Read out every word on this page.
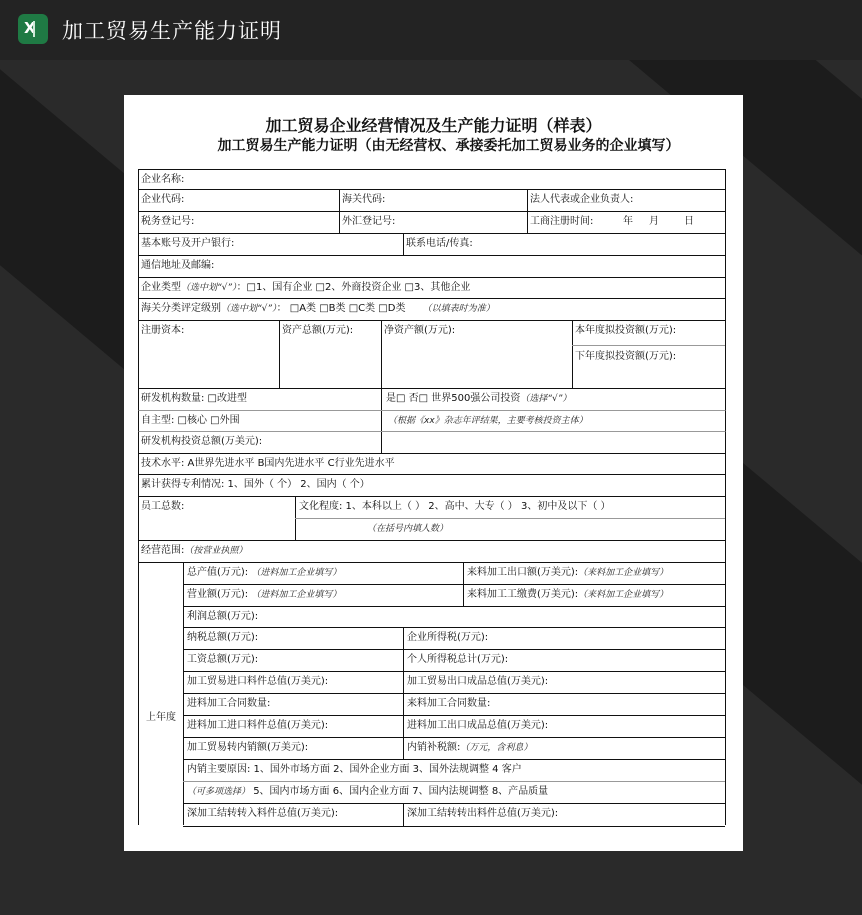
X 加工贸易生产能力证明
加工贸易企业经营情况及生产能力证明（样表）
加工贸易生产能力证明（由无经营权、承接委托加工贸易业务的企业填写）
企业名称:
企业代码:	海关代码:	法人代表或企业负责人:
税务登记号:	外汇登记号:	工商注册时间:	年 月	日
基本账号及开户银行:	联系电话/传真:
通信地址及邮编:
企业类型（选中划“√”）：□1、国有企业 □2、外商投资企业 □3、其他企业
海关分类评定级别（选中划“√”）： □A类 □B类 □C类 □D类 （以填表时为准）
注册资本:	资产总额(万元):	净资产额(万元):	本年度拟投资额(万元):
下年度拟投资额(万元):
研发机构数量: □改进型	是□ 否□ 世界500强公司投资（选择“√”）
自主型: □核心 □外围	（根据《xx》杂志年评结果，主要考核投资主体）
研发机构投资总额(万美元):
技术水平: A世界先进水平 B国内先进水平 C行业先进水平
累计获得专利情况: 1、国外（ 个） 2、国内（ 个）
员工总数:	文化程度: 1、本科以上（ ） 2、高中、大专（ ） 3、初中及以下（ ）
（在括号内填人数）
经营范围:（按营业执照）
上年度
总产值(万元): （进料加工企业填写）	来料加工出口额(万美元):（来料加工企业填写）
营业额(万元): （进料加工企业填写）	来料加工工缴费(万美元):（来料加工企业填写）
利润总额(万元):
纳税总额(万元):	企业所得税(万元):
工资总额(万元):	个人所得税总计(万元):
加工贸易进口料件总值(万美元):	加工贸易出口成品总值(万美元):
进料加工合同数量:	来料加工合同数量:
进料加工进口料件总值(万美元):	进料加工出口成品总值(万美元):
加工贸易转内销额(万美元):	内销补税额:（万元，含利息）
内销主要原因: 1、国外市场方面 2、国外企业方面 3、国外法规调整 4 客户
（可多项选择） 5、国内市场方面 6、国内企业方面 7、国内法规调整 8、产品质量
深加工结转转入料件总值(万美元):	深加工结转转出料件总值(万美元):
